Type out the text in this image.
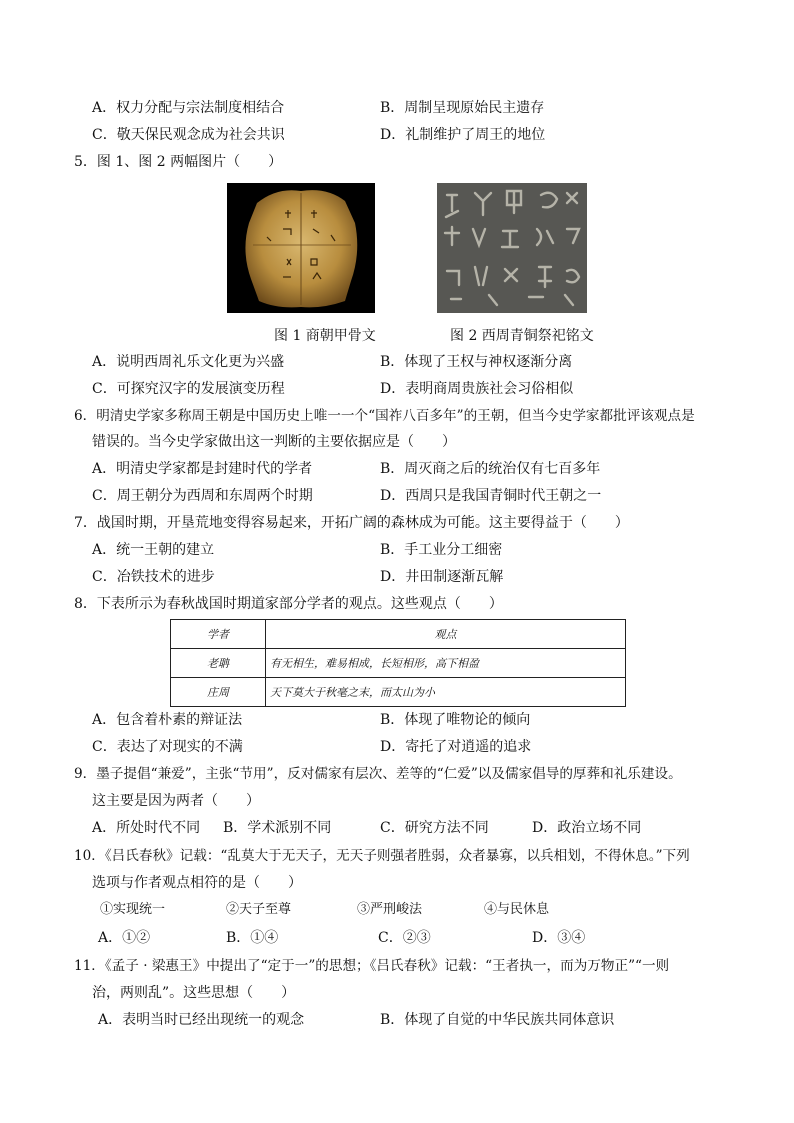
A．权力分配与宗法制度相结合	B．周制呈现原始民主遗存
C．敬天保民观念成为社会共识	D．礼制维护了周王的地位
5．图 1、图 2 两幅图片（　　）
图 1 商朝甲骨文	图 2 西周青铜祭祀铭文
A．说明西周礼乐文化更为兴盛	B．体现了王权与神权逐渐分离
C．可探究汉字的发展演变历程	D．表明商周贵族社会习俗相似
6．明清史学家多称周王朝是中国历史上唯一一个“国祚八百多年”的王朝，但当今史学家都批评该观点是
错误的。当今史学家做出这一判断的主要依据应是（　　）
A．明清史学家都是封建时代的学者	B．周灭商之后的统治仅有七百多年
C．周王朝分为西周和东周两个时期	D．西周只是我国青铜时代王朝之一
7．战国时期，开垦荒地变得容易起来，开拓广阔的森林成为可能。这主要得益于（　　）
A．统一王朝的建立	B．手工业分工细密
C．冶铁技术的进步	D．井田制逐渐瓦解
8．下表所示为春秋战国时期道家部分学者的观点。这些观点（　　）
学者	观点
老聃	有无相生，难易相成，长短相形，高下相盈
庄周	天下莫大于秋毫之末，而太山为小
A．包含着朴素的辩证法	B．体现了唯物论的倾向
C．表达了对现实的不满	D．寄托了对逍遥的追求
9．墨子提倡“兼爱”，主张“节用”，反对儒家有层次、差等的“仁爱”以及儒家倡导的厚葬和礼乐建设。
这主要是因为两者（　　）
A．所处时代不同 B．学术派别不同	C．研究方法不同	D．政治立场不同
10．《吕氏春秋》记载：“乱莫大于无天子，无天子则强者胜弱，众者暴寡，以兵相划，不得休息。”下列
选项与作者观点相符的是（　　）
①实现统一	②天子至尊	③严刑峻法	④与民休息
A．①②	B．①④	C．②③	D．③④
11．《孟子 · 梁惠王》中提出了“定于一”的思想；《吕氏春秋》记载：“王者执一，而为万物正”“一则
治，两则乱”。这些思想（　　）
A．表明当时已经出现统一的观念	B．体现了自觉的中华民族共同体意识
